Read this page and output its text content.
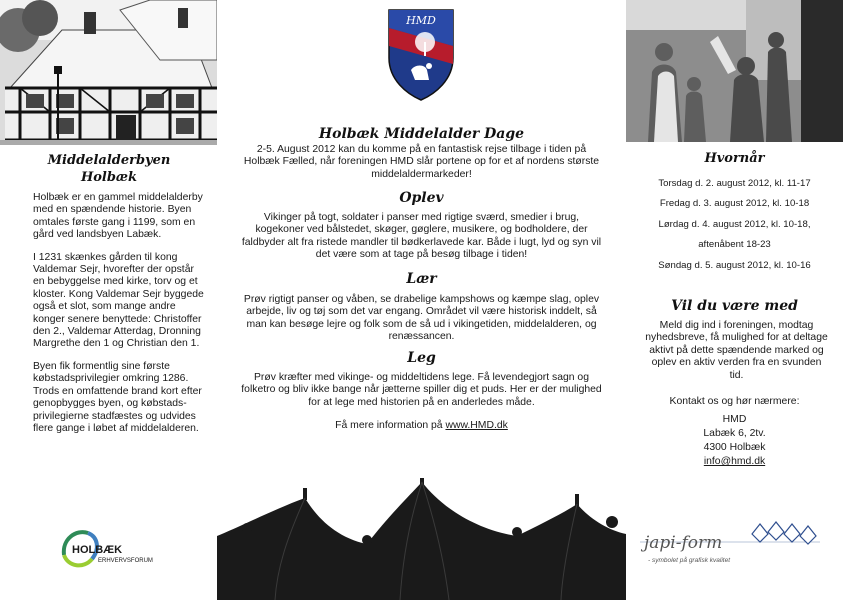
Middelalderbyen
Holbæk

Holbæk er en gammel middelalderby med en spændende historie. Byen omtales første gang i 1199, som en gård ved landsbyen Labæk.

I 1231 skænkes gården til kong Valdemar Sejr, hvorefter der opstår en bebyggelse med kirke, torv og et kloster. Kong Valdemar Sejr byggede også et slot, som mange andre konger senere benyttede: Christoffer den 2., Valdemar Atterdag, Dronning Margrethe den 1 og Christian den 1.

Byen fik formentlig sine første købstadsprivilegier omkring 1286. Trods en omfattende brand kort efter genopbygges byen, og købstads-privilegierne stadfæstes og udvides flere gange i løbet af middelalderen.

HOLBÆK
ERHVERVSFORUM
HMD
Holbæk Middelalder Dage
2-5. August 2012 kan du komme på en fantastisk rejse tilbage i tiden på Holbæk Fælled, når foreningen HMD slår portene op for et af nordens største middelaldermarkeder!
Oplev
Vikinger på togt, soldater i panser med rigtige sværd, smedier i brug, kogekoner ved bålstedet, skøger, gøglere, musikere, og bodholdere, der faldbyder alt fra ristede mandler til bødkerlavede kar. Både i lugt, lyd og syn vil det være som at tage på besøg tilbage i tiden!
Lær
Prøv rigtigt panser og våben, se drabelige kampshows og kæmpe slag, oplev arbejde, liv og tøj som det var engang. Området vil være historisk inddelt, så man kan besøge lejre og folk som de så ud i vikingetiden, middelalderen, og renæssancen.
Leg
Prøv kræfter med vikinge- og middeltidens lege. Få levendegjort sagn og folketro og bliv ikke bange når jætterne spiller dig et puds. Her er der mulighed for at lege med historien på en anderledes måde.
Få mere information på www.HMD.dk
Hvornår
Torsdag d. 2. august 2012, kl. 11-17
Fredag d. 3. august 2012, kl. 10-18
Lørdag d. 4. august 2012, kl. 10-18,
aftenåbent 18-23
Søndag d. 5. august 2012, kl. 10-16
Vil du være med
Meld dig ind i foreningen, modtag nyhedsbreve, få mulighed for at deltage aktivt på dette spændende marked og oplev en aktiv verden fra en svunden tid.
Kontakt os og hør nærmere:
HMD
Labæk 6, 2tv.
4300 Holbæk
info@hmd.dk
japi-form
- symbolet på grafisk kvalitet
